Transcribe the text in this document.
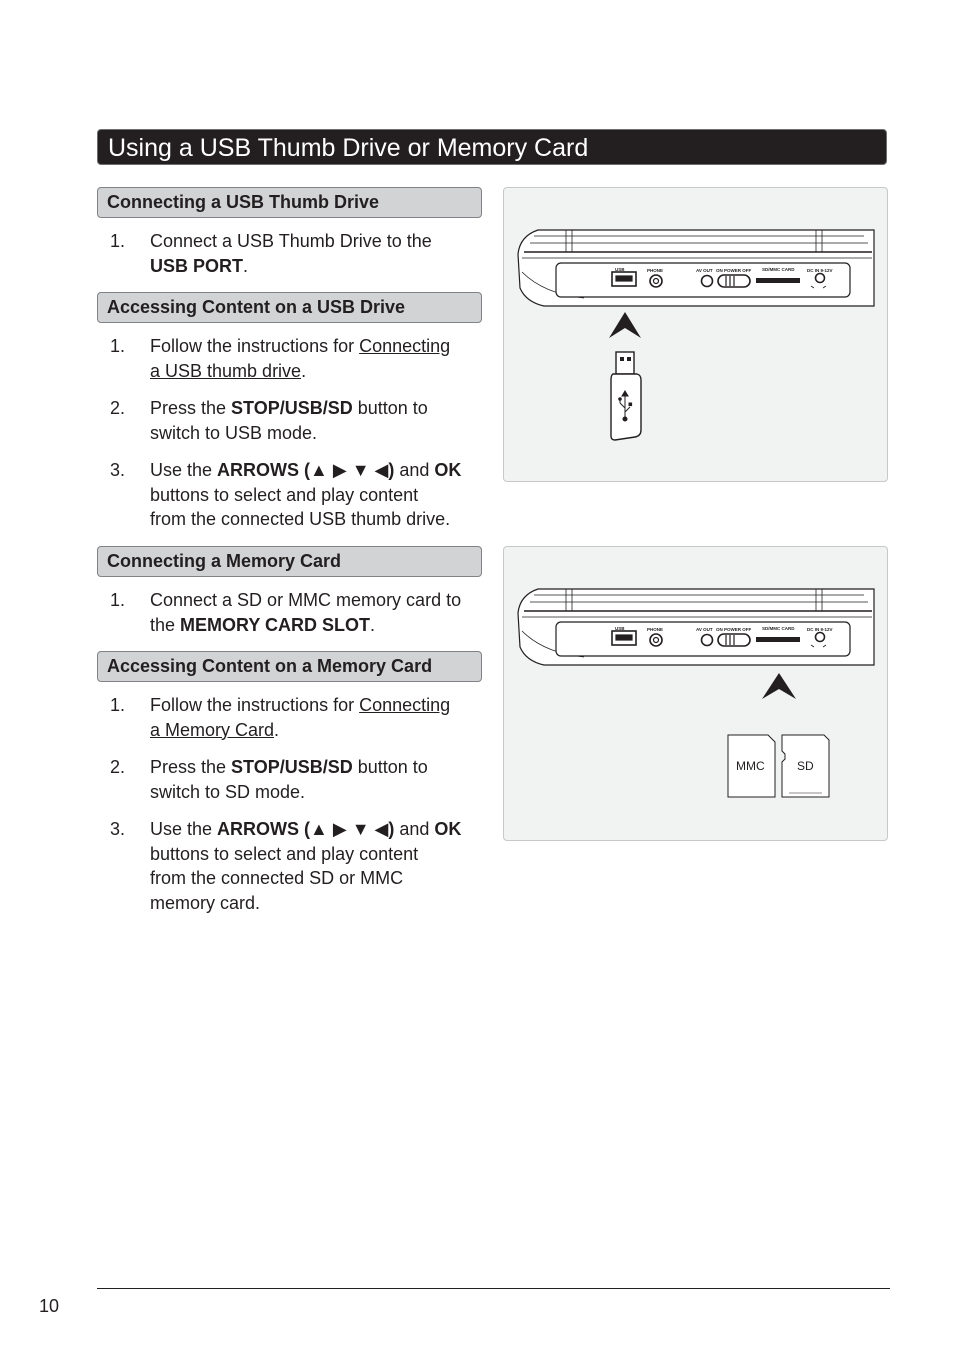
Using a USB Thumb Drive or Memory Card
Connecting a USB Thumb Drive
1. Connect a USB Thumb Drive to the
USB PORT.
Accessing Content on a USB Drive
1. Follow the instructions for Connecting
a USB thumb drive.
2. Press the STOP/USB/SD button to
switch to USB mode.
3. Use the ARROWS (▲ ▶ ▼ ◀) and OK
buttons to select and play content
from the connected USB thumb drive.
Connecting a Memory Card
1. Connect a SD or MMC memory card to
the MEMORY CARD SLOT.
Accessing Content on a Memory Card
1. Follow the instructions for Connecting
a Memory Card.
2. Press the STOP/USB/SD button to
switch to SD mode.
3. Use the ARROWS (▲ ▶ ▼ ◀) and OK
buttons to select and play content
from the connected SD or MMC
memory card.
USB	PHONE	AV OUT ON POWER OFF SD/MMC CARD	DC IN 9-12V
USB	PHONE	AV OUT ON POWER OFF SD/MMC CARD	DC IN 9-12V
MMC	SD
10
